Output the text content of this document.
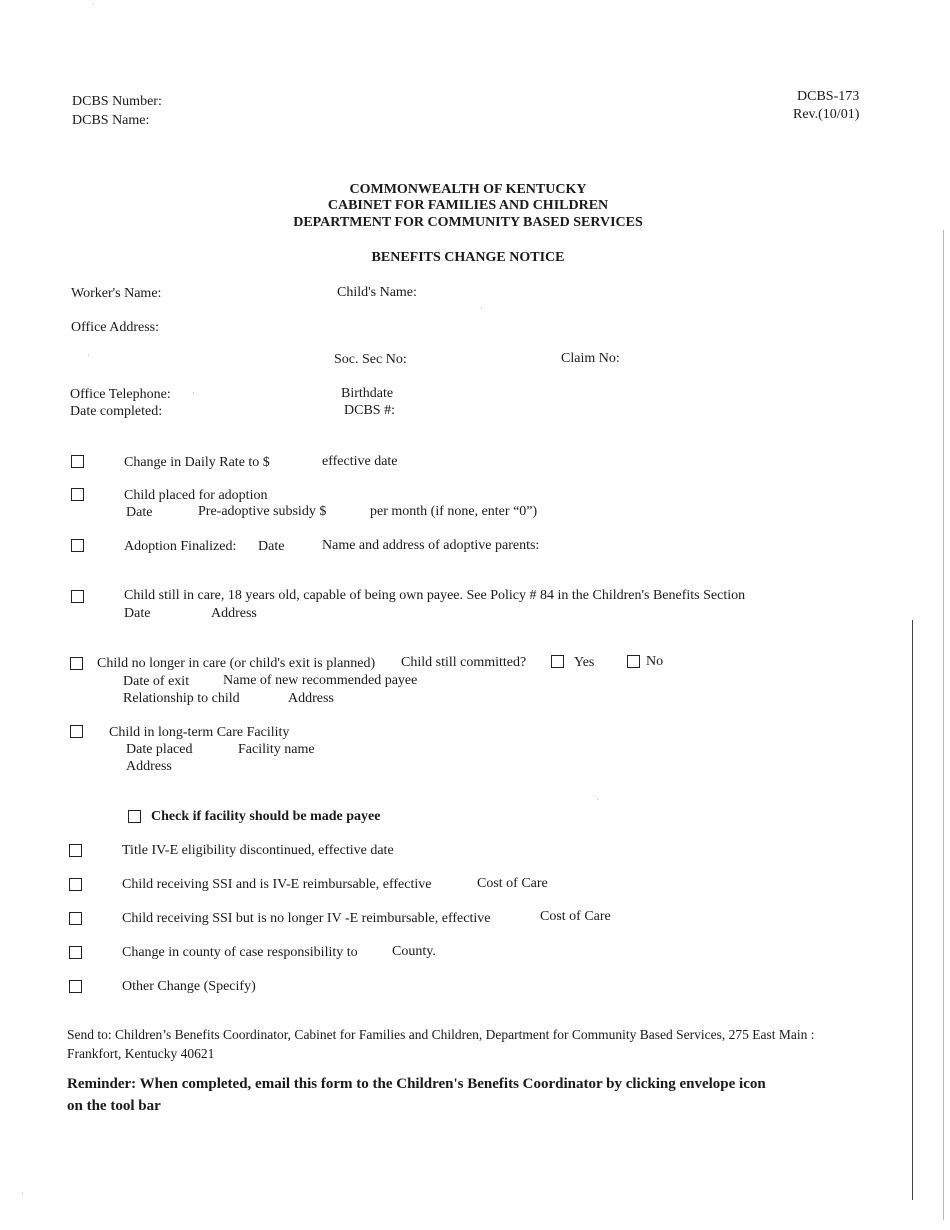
DCBS Number:
DCBS Name:
DCBS-173
Rev.(10/01)
COMMONWEALTH OF KENTUCKY
CABINET FOR FAMILIES AND CHILDREN
DEPARTMENT FOR COMMUNITY BASED SERVICES
BENEFITS CHANGE NOTICE
Worker's Name:	Child's Name:
Office Address:
Soc. Sec No:	Claim No:
Office Telephone:
Date completed:
Birthdate
DCBS #:
Change in Daily Rate to $	effective date
Child placed for adoption
Date	Pre-adoptive subsidy $	per month (if none, enter “0”)
Adoption Finalized: Date	Name and address of adoptive parents:
Child still in care, 18 years old, capable of being own payee. See Policy # 84 in the Children's Benefits Section
Date	Address
Child no longer in care (or child's exit is planned) Child still committed?	Yes	No
Date of exit Name of new recommended payee
Relationship to child	Address
Child in long-term Care Facility
Date placed	Facility name
Address
Check if facility should be made payee
Title IV-E eligibility discontinued, effective date
Child receiving SSI and is IV-E reimbursable, effective	Cost of Care
Child receiving SSI but is no longer IV -E reimbursable, effective	Cost of Care
Change in county of case responsibility to County.
Other Change (Specify)
Send to: Children’s Benefits Coordinator, Cabinet for Families and Children, Department for Community Based Services, 275 East Main :
Frankfort, Kentucky 40621
Reminder: When completed, email this form to the Children's Benefits Coordinator by clicking envelope icon
on the tool bar
